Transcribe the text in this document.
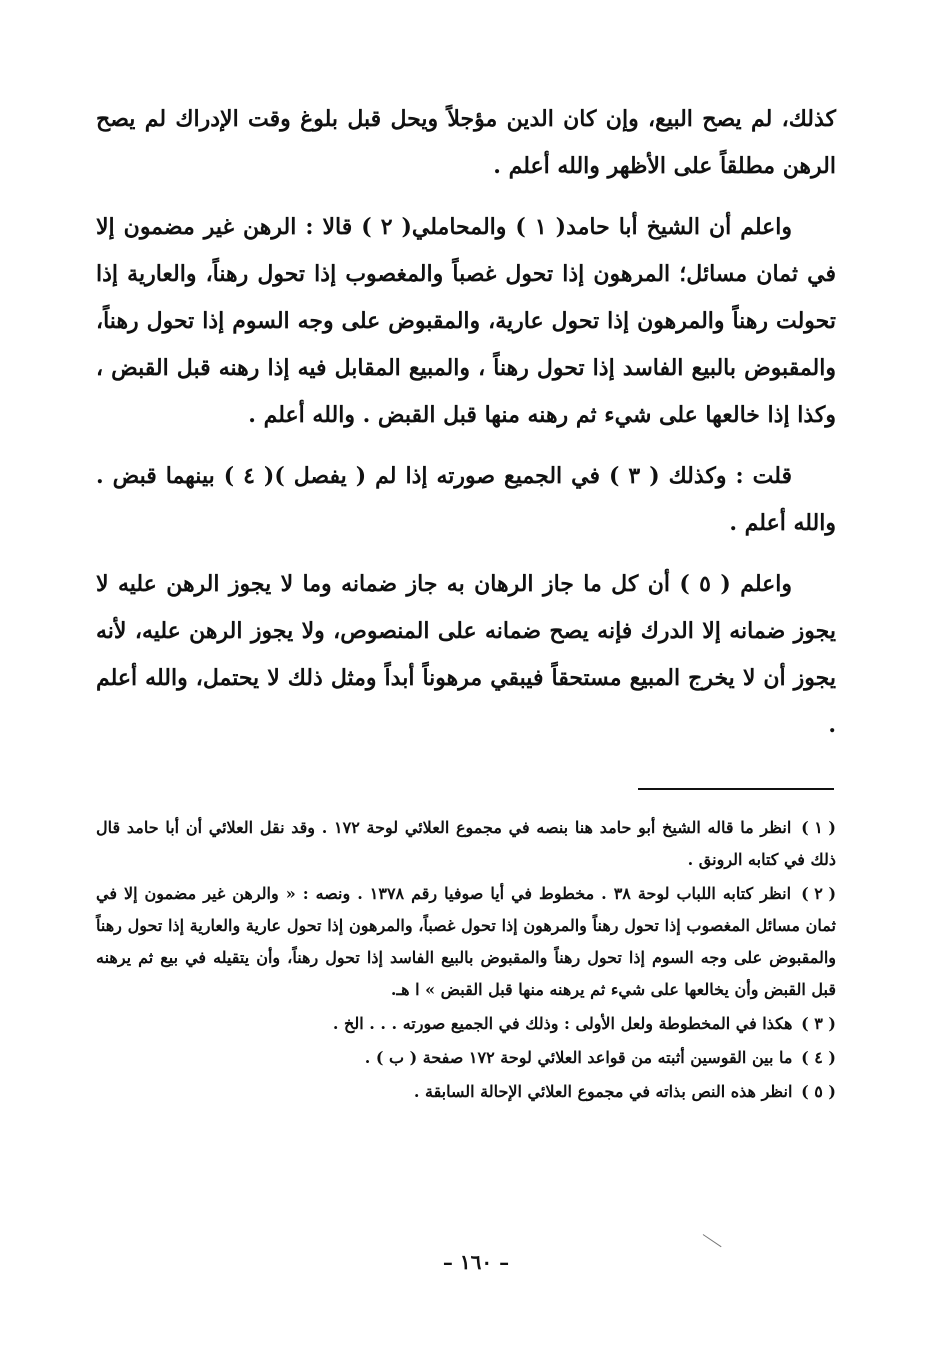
كذلك، لم يصح البيع، وإن كان الدين مؤجلاً ويحل قبل بلوغ وقت الإدراك لم يصح الرهن مطلقاً على الأظهر والله أعلم .

واعلم أن الشيخ أبا حامد( ١ ) والمحاملي( ٢ ) قالا : الرهن غير مضمون إلا في ثمان مسائل؛ المرهون إذا تحول غصباً والمغصوب إذا تحول رهناً، والعارية إذا تحولت رهناً والمرهون إذا تحول عارية، والمقبوض على وجه السوم إذا تحول رهناً، والمقبوض بالبيع الفاسد إذا تحول رهناً ، والمبيع المقابل فيه إذا رهنه قبل القبض ، وكذا إذا خالعها على شيء ثم رهنه منها قبل القبض . والله أعلم .

قلت : وكذلك ( ٣ ) في الجميع صورته إذا لم ( يفصل )( ٤ ) بينهما قبض . والله أعلم .

واعلم ( ٥ ) أن كل ما جاز الرهان به جاز ضمانه وما لا يجوز الرهن عليه لا يجوز ضمانه إلا الدرك فإنه يصح ضمانه على المنصوص، ولا يجوز الرهن عليه، لأنه يجوز أن لا يخرج المبيع مستحقاً فيبقي مرهوناً أبداً ومثل ذلك لا يحتمل، والله أعلم .

( ١ ) انظر ما قاله الشيخ أبو حامد هنا بنصه في مجموع العلائي لوحة ١٧٢ . وقد نقل العلائي أن أبا حامد قال ذلك في كتابه الرونق .
( ٢ ) انظر كتابه اللباب لوحة ٣٨ . مخطوط في أيا صوفيا رقم ١٣٧٨ . ونصه : « والرهن غير مضمون إلا في ثمان مسائل المغصوب إذا تحول رهناً والمرهون إذا تحول غصباً، والمرهون إذا تحول عارية والعارية إذا تحول رهناً والمقبوض على وجه السوم إذا تحول رهناً والمقبوض بالبيع الفاسد إذا تحول رهناً، وأن يتقيله في بيع ثم يرهنه قبل القبض وأن يخالعها على شيء ثم يرهنه منها قبل القبض » ا هـ.
( ٣ ) هكذا في المخطوطة ولعل الأولى : وذلك في الجميع صورته . . . الخ .
( ٤ ) ما بين القوسين أثبته من قواعد العلائي لوحة ١٧٢ صفحة ( ب ) .
( ٥ ) انظر هذه النص بذاته في مجموع العلائي الإحالة السابقة .
– ١٦٠ –
